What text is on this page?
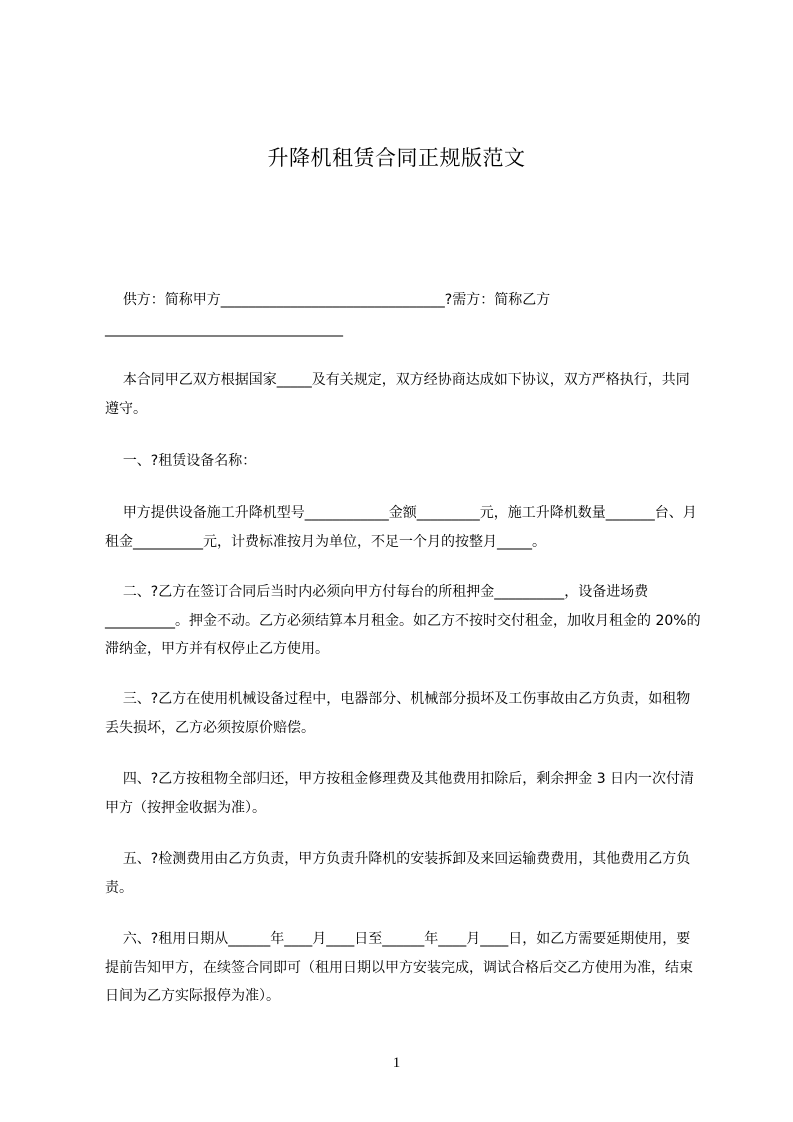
升降机租赁合同正规版范文
供方：简称甲方________________________________?需方：简称乙方__________________________________
本合同甲乙双方根据国家_____及有关规定，双方经协商达成如下协议，双方严格执行，共同遵守。
一、?租赁设备名称：
甲方提供设备施工升降机型号____________金额_________元，施工升降机数量_______台、月租金__________元，计费标准按月为单位，不足一个月的按整月_____。
二、?乙方在签订合同后当时内必须向甲方付每台的所租押金__________，设备进场费__________。押金不动。乙方必须结算本月租金。如乙方不按时交付租金，加收月租金的 20%的滞纳金，甲方并有权停止乙方使用。
三、?乙方在使用机械设备过程中，电器部分、机械部分损坏及工伤事故由乙方负责，如租物丢失损坏，乙方必须按原价赔偿。
四、?乙方按租物全部归还，甲方按租金修理费及其他费用扣除后，剩余押金 3 日内一次付清甲方（按押金收据为准）。
五、?检测费用由乙方负责，甲方负责升降机的安装拆卸及来回运输费费用，其他费用乙方负责。
六、?租用日期从______年____月____日至______年____月____日，如乙方需要延期使用，要提前告知甲方，在续签合同即可（租用日期以甲方安装完成，调试合格后交乙方使用为准，结束日间为乙方实际报停为准）。
1
